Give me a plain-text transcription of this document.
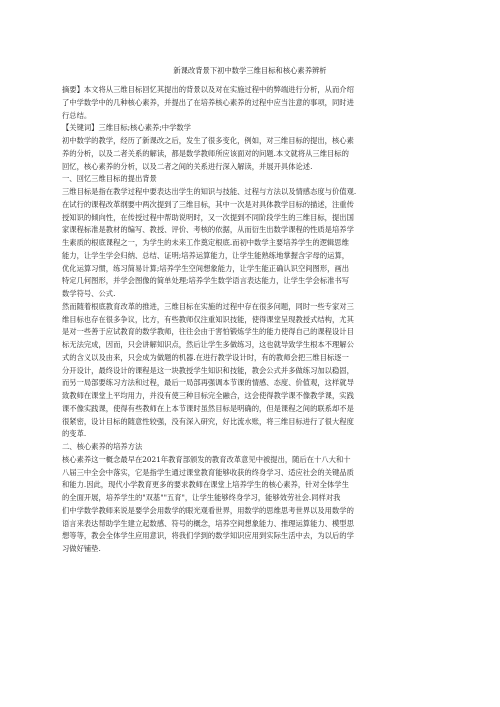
新课改背景下初中数学三维目标和核心素养辨析
摘要】本文将从三维目标回忆其提出的背景以及对在实施过程中的弊端进行分析，从而介绍
了中学数学中的几种核心素养，并提出了在培养核心素养的过程中应当注意的事项，同时进
行总结。
【关键词】三维目标;核心素养;中学数学
初中数学的教学，经历了新课改之后，发生了很多变化，例如，对三维目标的提出，核心素
养的分析，以及二者关系的解读，都是数学教师所应该面对的问题.本文就将从三维目标的
回忆，核心素养的分析，以及二者之间的关系进行深入解读，并展开具体论述.
一、回忆三维目标的提出背景
三维目标是指在教学过程中要表达出学生的知识与技能、过程与方法以及情感态度与价值观.
在试行的课程改革纲要中两次提到了三维目标，其中一次是对具体教学目标的描述，注重传
授知识的倾向性，在传授过程中帮助说明时，又一次提到不同阶段学生的三维目标，提出国
家课程标准是教材的编写、教授、评价、考核的依据，从而衍生出数学课程的性质是培养学
生素质的根底课程之一，为学生的未来工作奠定根底.而初中数学主要培养学生的逻辑思维
能力，让学生学会归纳、总结、证明;培养运算能力，让学生能熟练地掌握含字母的运算，
优化运算习惯，练习简易计算;培养学生空间想象能力，让学生能正确认识空间图形，画出
特定几何图形，并学会图像的简单处理;培养学生数学语言表达能力，让学生学会标准书写
数学符号、公式.
然而随着根底教育改革的推进，三维目标在实施的过程中存在很多问题，同时一些专家对三
维目标也存在很多争议，比方，有些教师仅注重知识技能，使得课堂呈现教授式结构，尤其
是对一些善于应试教育的数学教师，往往会由于害怕锻炼学生的能力使得自己的课程设计目
标无法完成，因而，只会讲解知识点，然后让学生多做练习，这也就导致学生根本不理解公
式的含义以及由来，只会成为做题的机器.在进行教学设计时，有的教师会把三维目标逐一
分开设计，最终设计的课程是这一块教授学生知识和技能，教会公式并多做练习加以稳固，
而另一局部要练习方法和过程，最后一局部再强调本节课的情感、态度、价值观，这样就导
致教师在课堂上平均用力，并没有使三种目标完全融合，这会使得教学课不像教学课，实践
课不像实践课，使得有些教师在上本节课时虽然目标是明确的，但是课程之间的联系却不是
很紧密，设计目标的随意性较强，没有深入研究，好比流水账，将三维目标进行了很大程度
的变革.
二、核心素养的培养方法
核心素养这一概念最早在2021年教育部颁发的教育改革意见中被提出，随后在十八大和十
八届三中全会中落实，它是指学生通过课堂教育能够收获的终身学习、适应社会的关键品质
和能力.因此，现代小学教育更多的要求教师在课堂上培养学生的核心素养，针对全体学生
的全面开展，培养学生的"双基""五育"，让学生能够终身学习，能够效劳社会.同样对我
们中学数学教师来说是要学会用数学的眼光观看世界，用数学的思维思考世界以及用数学的
语言来表达帮助学生建立起数感、符号的概念，培养空间想象能力、推理运算能力、模型思
想等等，教会全体学生应用意识，将我们学到的数学知识应用到实际生活中去，为以后的学
习做好铺垫.
